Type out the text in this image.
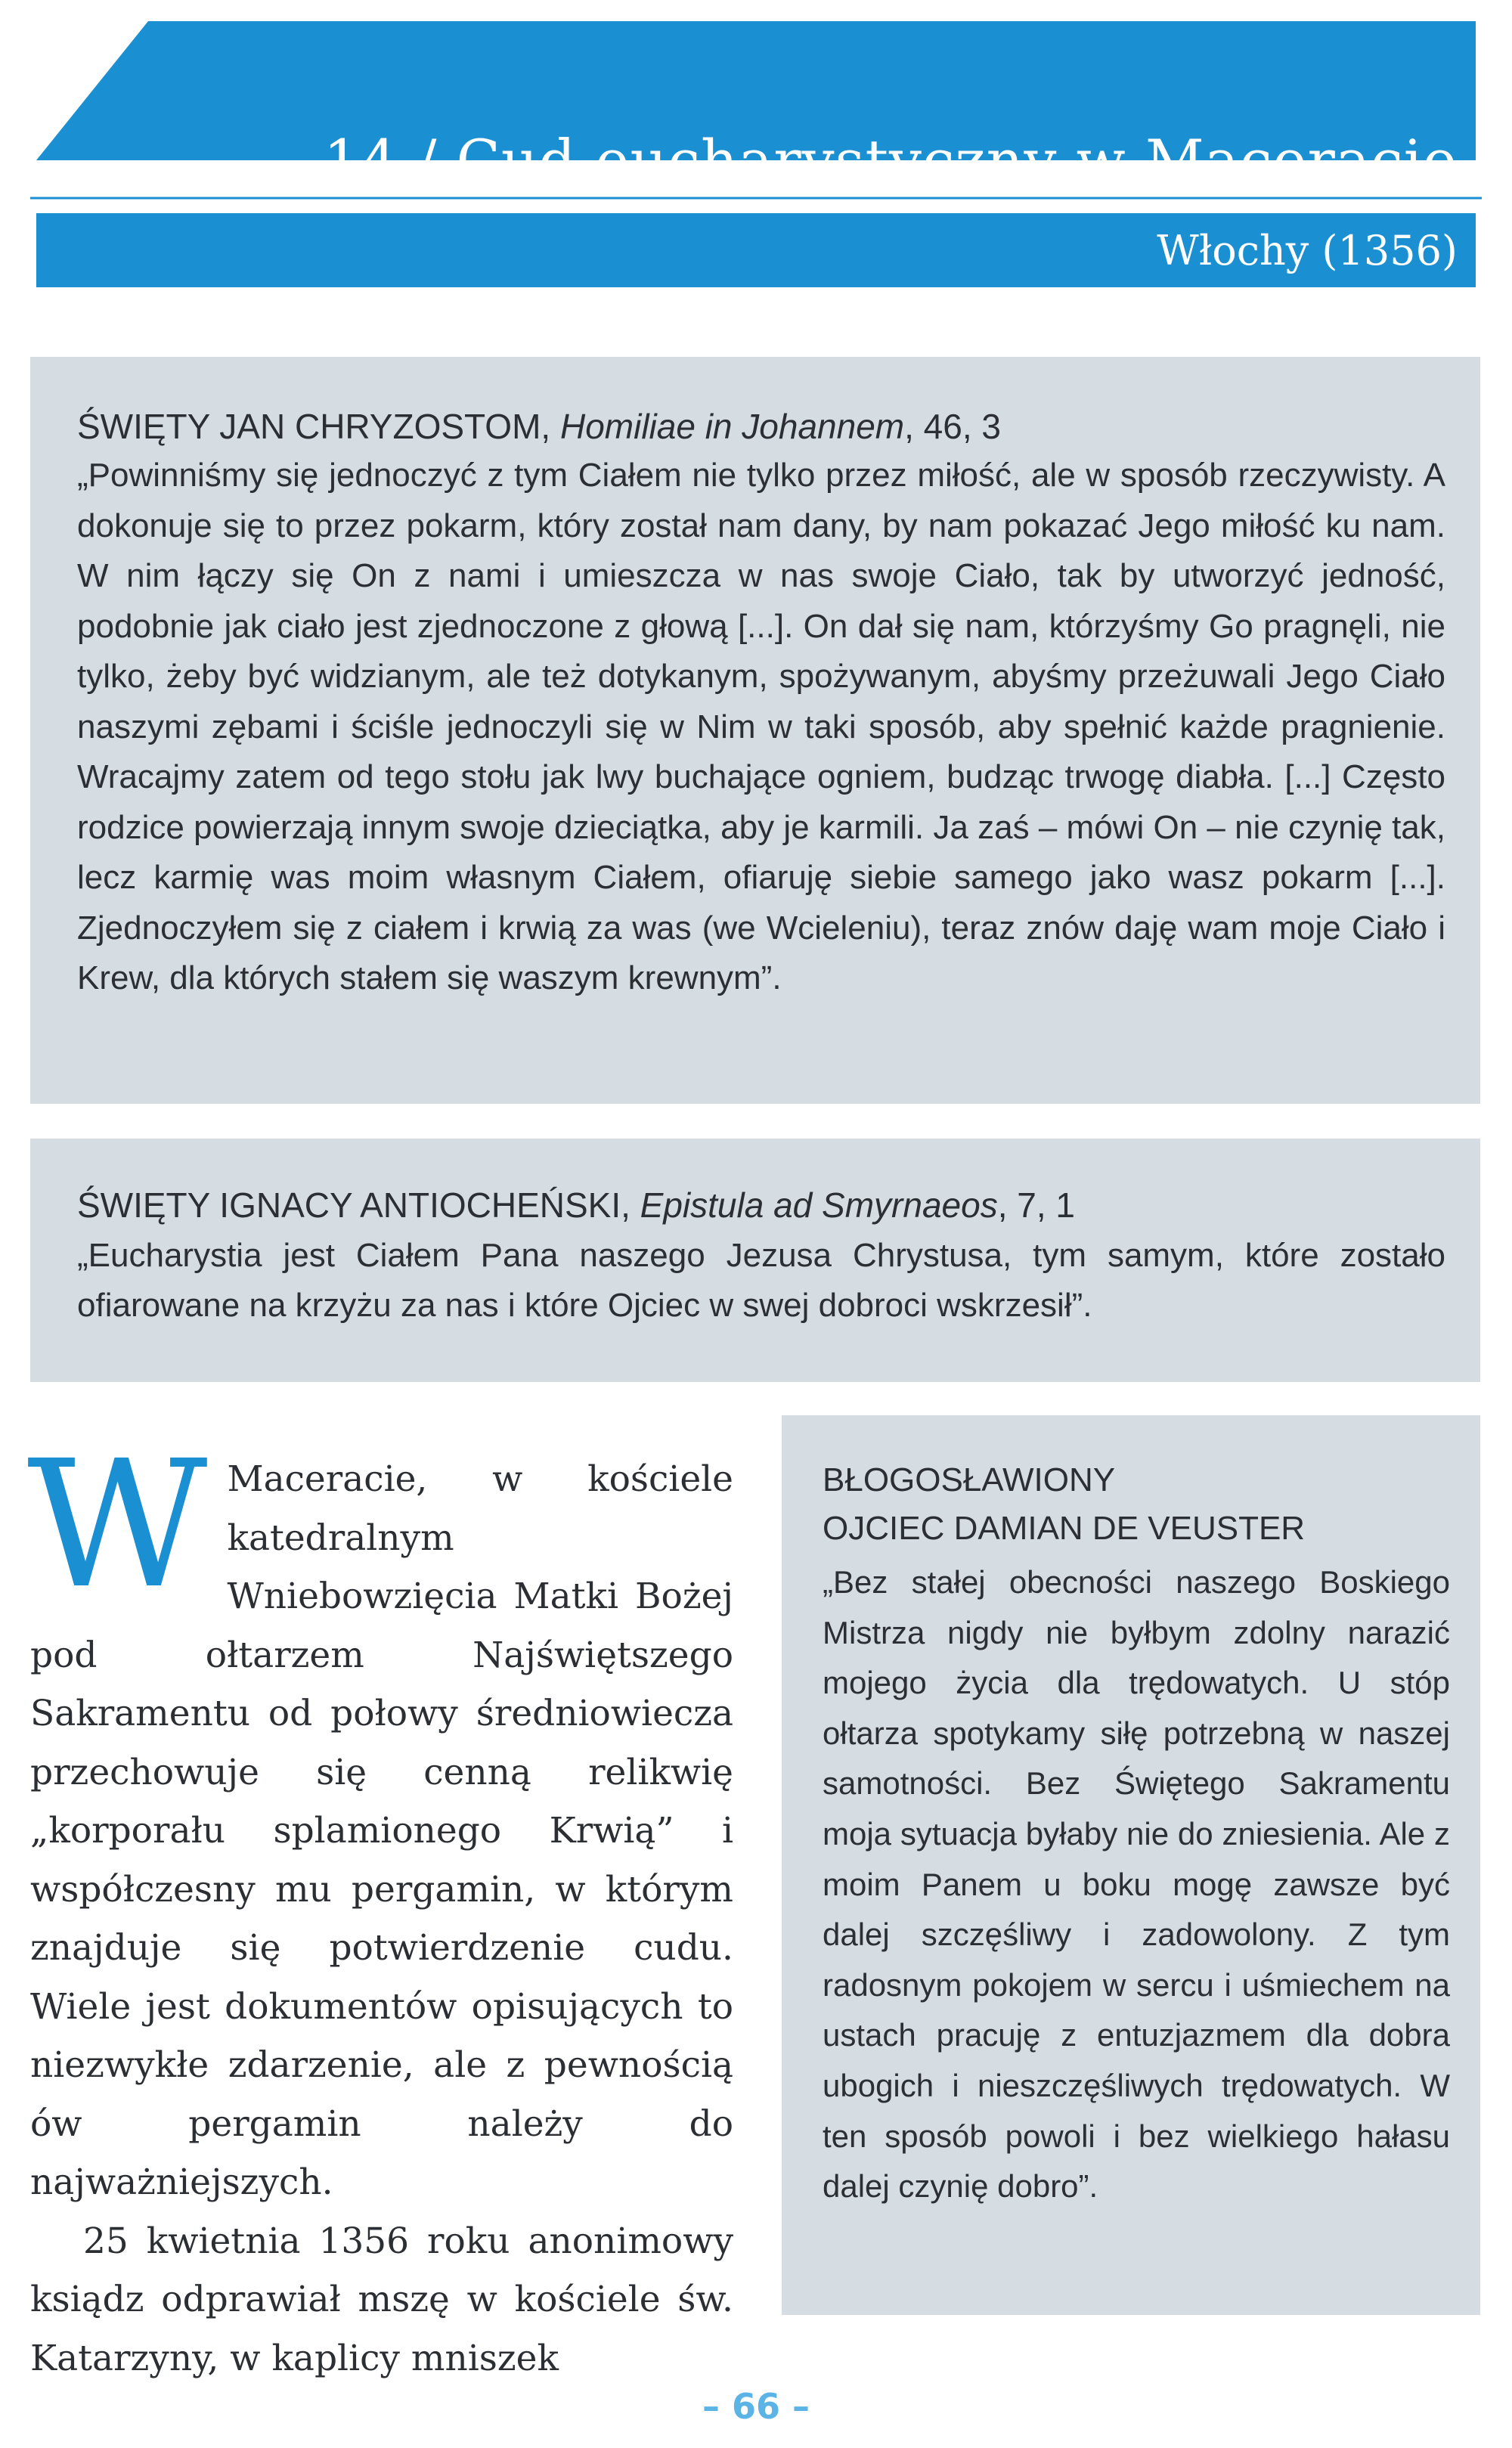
14 / Cud eucharystyczny w Maceracie
Włochy (1356)

ŚWIĘTY JAN CHRYZOSTOM, Homiliae in Johannem, 46, 3

„Powinniśmy się jednoczyć z tym Ciałem nie tylko przez miłość, ale w sposób rzeczywisty. A dokonuje się to przez pokarm, który został nam dany, by nam pokazać Jego miłość ku nam. W nim łączy się On z nami i umieszcza w nas swoje Ciało, tak by utworzyć jedność, podobnie jak ciało jest zjednoczone z głową [...]. On dał się nam, którzyśmy Go pragnęli, nie tylko, żeby być widzianym, ale też dotykanym, spożywanym, abyśmy przeżuwali Jego Ciało naszymi zębami i ściśle jednoczyli się w Nim w taki sposób, aby spełnić każde pragnienie. Wracajmy zatem od tego stołu jak lwy buchające ogniem, budząc trwogę diabła. [...] Często rodzice powierzają innym swoje dzieciątka, aby je karmili. Ja zaś – mówi On – nie czynię tak, lecz karmię was moim własnym Ciałem, ofiaruję siebie samego jako wasz pokarm [...]. Zjednoczyłem się z ciałem i krwią za was (we Wcieleniu), teraz znów daję wam moje Ciało i Krew, dla których stałem się waszym krewnym”.

ŚWIĘTY IGNACY ANTIOCHEŃSKI, Epistula ad Smyrnaeos, 7, 1

„Eucharystia jest Ciałem Pana naszego Jezusa Chrystusa, tym samym, które zostało ofiarowane na krzyżu za nas i które Ojciec w swej dobroci wskrzesił”.

BŁOGOSŁAWIONY
OJCIEC DAMIAN DE VEUSTER

„Bez stałej obecności naszego Boskiego Mistrza nigdy nie byłbym zdolny narazić mojego życia dla trędowatych. U stóp ołtarza spotykamy siłę potrzebną w naszej samotności. Bez Świętego Sakramentu moja sytuacja byłaby nie do zniesienia. Ale z moim Panem u boku mogę zawsze być dalej szczęśliwy i zadowolony. Z tym radosnym pokojem w sercu i uśmiechem na ustach pracuję z entuzjazmem dla dobra ubogich i nieszczęśliwych trędowatych. W ten sposób powoli i bez wielkiego hałasu dalej czynię dobro”.

W Maceracie, w kościele katedralnym Wniebowzięcia Matki Bożej pod ołtarzem Najświętszego Sakramentu od połowy średniowiecza przechowuje się cenną relikwię „korporału splamionego Krwią” i współczesny mu pergamin, w którym znajduje się potwierdzenie cudu. Wiele jest dokumentów opisujących to niezwykłe zdarzenie, ale z pewnością ów pergamin należy do najważniejszych.

25 kwietnia 1356 roku anonimowy ksiądz odprawiał mszę w kościele św. Katarzyny, w kaplicy mniszek

– 66 –
